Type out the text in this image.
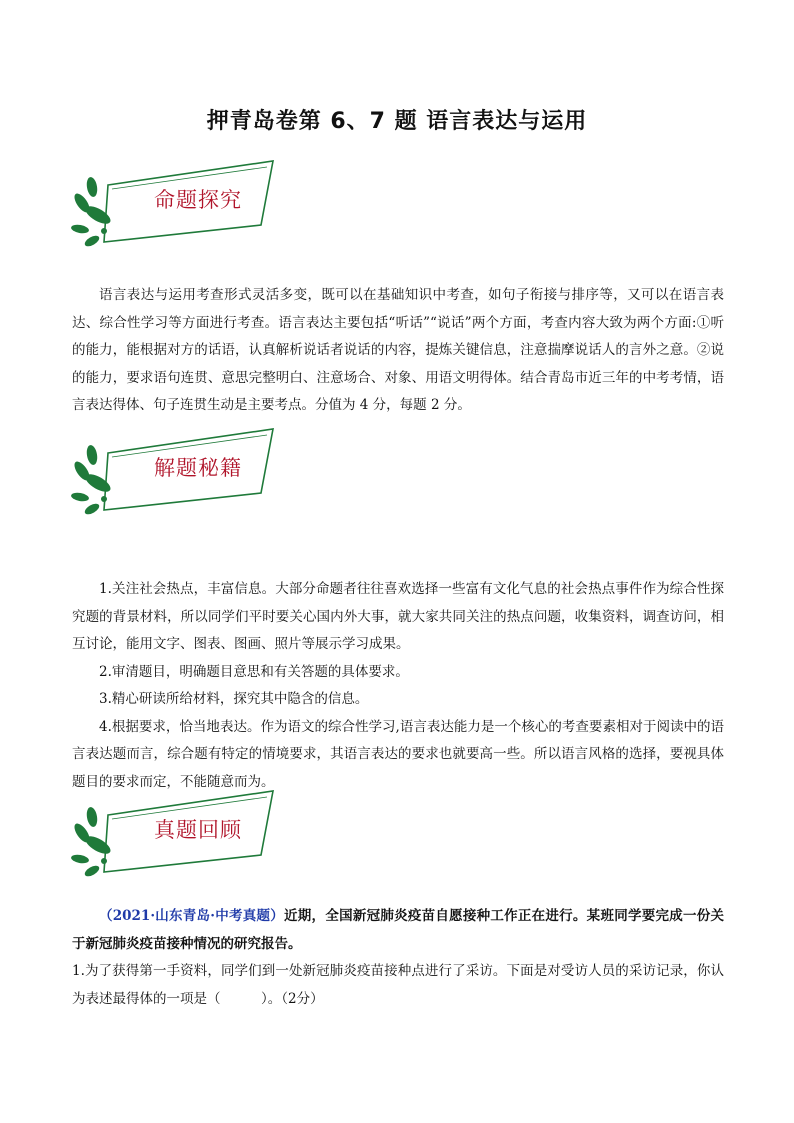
押青岛卷第 6、7 题 语言表达与运用
命题探究

语言表达与运用考查形式灵活多变，既可以在基础知识中考查，如句子衔接与排序等，又可以在语言表达、综合性学习等方面进行考查。语言表达主要包括“听话”“说话”两个方面，考查内容大致为两个方面:①听的能力，能根据对方的话语，认真解析说话者说话的内容，提炼关键信息，注意揣摩说话人的言外之意。②说的能力，要求语句连贯、意思完整明白、注意场合、对象、用语文明得体。结合青岛市近三年的中考考情，语言表达得体、句子连贯生动是主要考点。分值为 4 分，每题 2 分。

解题秘籍

1.关注社会热点，丰富信息。大部分命题者往往喜欢选择一些富有文化气息的社会热点事件作为综合性探究题的背景材料，所以同学们平时要关心国内外大事，就大家共同关注的热点问题，收集资料，调查访问，相互讨论，能用文字、图表、图画、照片等展示学习成果。

2.审清题目，明确题目意思和有关答题的具体要求。

3.精心研读所给材料，探究其中隐含的信息。

4.根据要求，恰当地表达。作为语文的综合性学习,语言表达能力是一个核心的考查要素相对于阅读中的语言表达题而言，综合题有特定的情境要求，其语言表达的要求也就要高一些。所以语言风格的选择，要视具体题目的要求而定，不能随意而为。

真题回顾

（2021·山东青岛·中考真题）近期，全国新冠肺炎疫苗自愿接种工作正在进行。某班同学要完成一份关于新冠肺炎疫苗接种情况的研究报告。

1.为了获得第一手资料，同学们到一处新冠肺炎疫苗接种点进行了采访。下面是对受访人员的采访记录，你认为表述最得体的一项是（　　　）。（2分）
